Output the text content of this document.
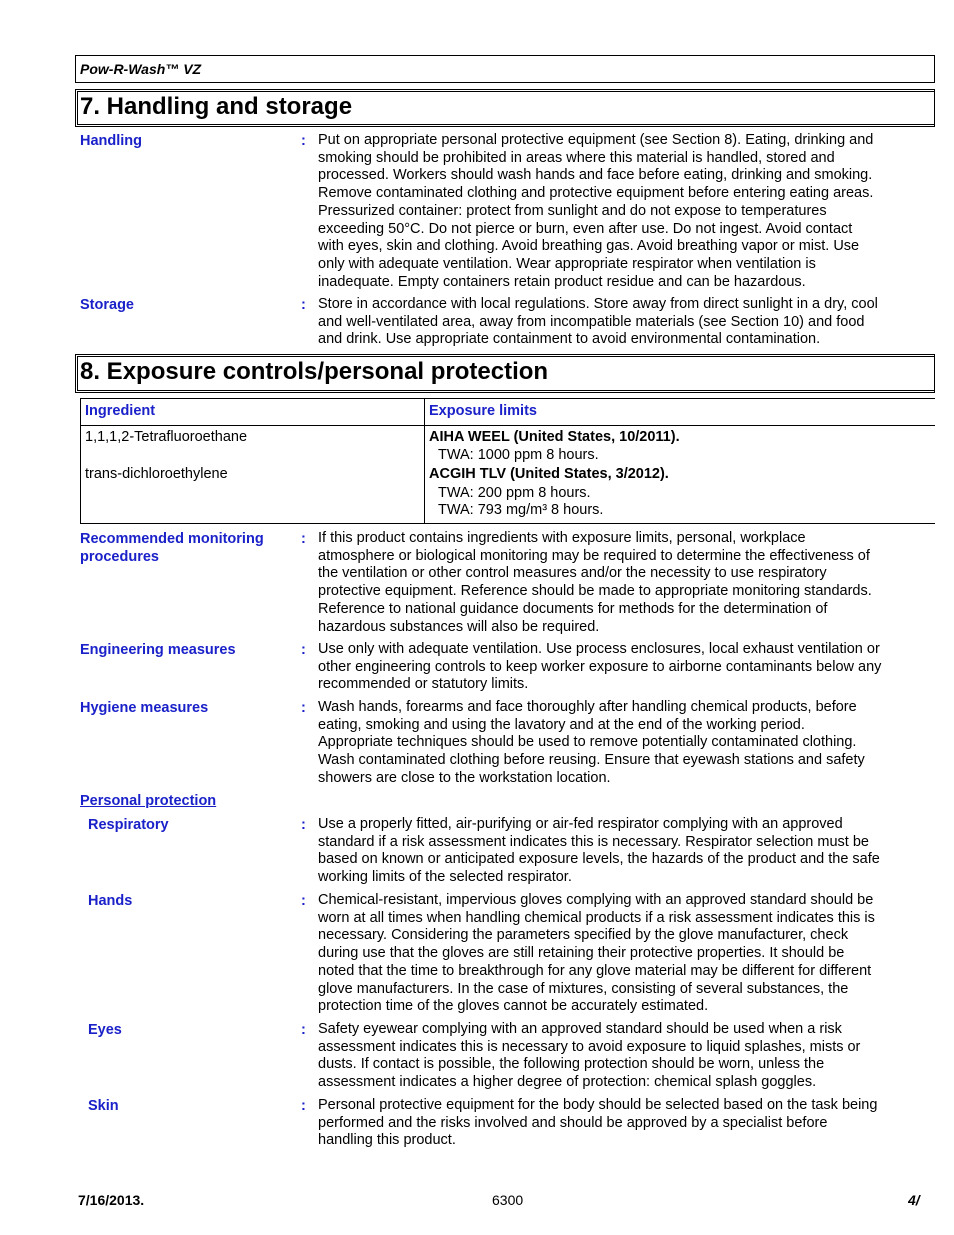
Pow-R-Wash™ VZ
7. Handling and storage
Handling	: Put on appropriate personal protective equipment (see Section 8). Eating, drinking and
smoking should be prohibited in areas where this material is handled, stored and
processed. Workers should wash hands and face before eating, drinking and smoking.
Remove contaminated clothing and protective equipment before entering eating areas.
Pressurized container: protect from sunlight and do not expose to temperatures
exceeding 50°C. Do not pierce or burn, even after use. Do not ingest. Avoid contact
with eyes, skin and clothing. Avoid breathing gas. Avoid breathing vapor or mist. Use
only with adequate ventilation. Wear appropriate respirator when ventilation is
inadequate. Empty containers retain product residue and can be hazardous.
Storage	: Store in accordance with local regulations. Store away from direct sunlight in a dry, cool
and well-ventilated area, away from incompatible materials (see Section 10) and food
and drink. Use appropriate containment to avoid environmental contamination.
8. Exposure controls/personal protection
Ingredient	Exposure limits
1,1,1,2-Tetrafluoroethane	AIHA WEEL (United States, 10/2011).
TWA: 1000 ppm 8 hours.
trans-dichloroethylene	ACGIH TLV (United States, 3/2012).
TWA: 200 ppm 8 hours.
TWA: 793 mg/m³ 8 hours.
Recommended monitoring procedures
: If this product contains ingredients with exposure limits, personal, workplace
atmosphere or biological monitoring may be required to determine the effectiveness of
the ventilation or other control measures and/or the necessity to use respiratory
protective equipment. Reference should be made to appropriate monitoring standards.
Reference to national guidance documents for methods for the determination of
hazardous substances will also be required.
Engineering measures	: Use only with adequate ventilation. Use process enclosures, local exhaust ventilation or
other engineering controls to keep worker exposure to airborne contaminants below any
recommended or statutory limits.
Hygiene measures	: Wash hands, forearms and face thoroughly after handling chemical products, before
eating, smoking and using the lavatory and at the end of the working period.
Appropriate techniques should be used to remove potentially contaminated clothing.
Wash contaminated clothing before reusing. Ensure that eyewash stations and safety
showers are close to the workstation location.
Personal protection
Respiratory	: Use a properly fitted, air-purifying or air-fed respirator complying with an approved
standard if a risk assessment indicates this is necessary. Respirator selection must be
based on known or anticipated exposure levels, the hazards of the product and the safe
working limits of the selected respirator.
Hands	: Chemical-resistant, impervious gloves complying with an approved standard should be
worn at all times when handling chemical products if a risk assessment indicates this is
necessary. Considering the parameters specified by the glove manufacturer, check
during use that the gloves are still retaining their protective properties. It should be
noted that the time to breakthrough for any glove material may be different for different
glove manufacturers. In the case of mixtures, consisting of several substances, the
protection time of the gloves cannot be accurately estimated.
Eyes	: Safety eyewear complying with an approved standard should be used when a risk
assessment indicates this is necessary to avoid exposure to liquid splashes, mists or
dusts. If contact is possible, the following protection should be worn, unless the
assessment indicates a higher degree of protection: chemical splash goggles.
Skin	: Personal protective equipment for the body should be selected based on the task being
performed and the risks involved and should be approved by a specialist before
handling this product.
7/16/2013.	6300	4/
